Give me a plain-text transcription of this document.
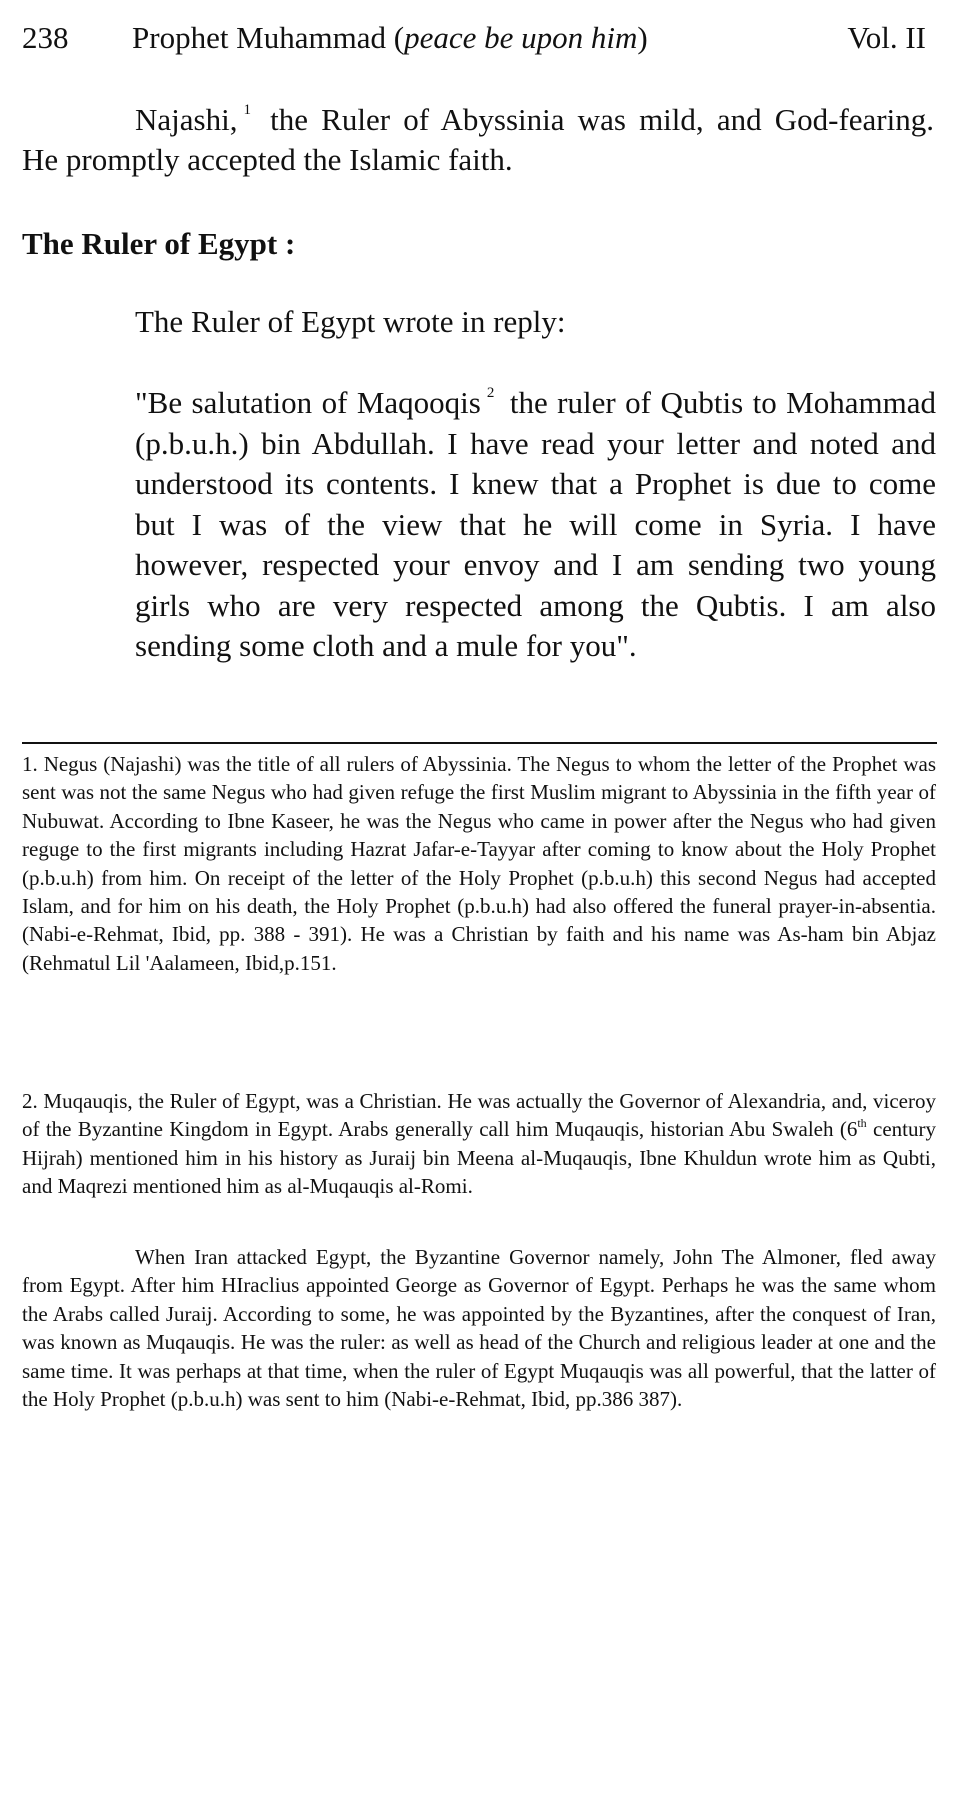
238 Prophet Muhammad (peace be upon him)	Vol. II

Najashi, $^1$ the Ruler of Abyssinia was mild, and God-fearing. He promptly accepted the Islamic faith.

The Ruler of Egypt :
The Ruler of Egypt wrote in reply:

"Be salutation of Maqooqis $^2$ the ruler of Qubtis to Mohammad (p.b.u.h.) bin Abdullah. I have read your letter and noted and understood its contents. I knew that a Prophet is due to come but I was of the view that he will come in Syria. I have however, respected your envoy and I am sending two young girls who are very respected among the Qubtis. I am also sending some cloth and a mule for you".

1. Negus (Najashi) was the title of all rulers of Abyssinia. The Negus to whom the letter of the Prophet was sent was not the same Negus who had given refuge the first Muslim migrant to Abyssinia in the fifth year of Nubuwat. According to Ibne Kaseer, he was the Negus who came in power after the Negus who had given reguge to the first migrants including Hazrat Jafar-e-Tayyar after coming to know about the Holy Prophet (p.b.u.h) from him. On receipt of the letter of the Holy Prophet (p.b.u.h) this second Negus had accepted Islam, and for him on his death, the Holy Prophet (p.b.u.h) had also offered the funeral prayer-in-absentia. (Nabi-e-Rehmat, Ibid, pp. 388 - 391). He was a Christian by faith and his name was As-ham bin Abjaz (Rehmatul Lil 'Aalameen, Ibid,p.151.

2. Muqauqis, the Ruler of Egypt, was a Christian. He was actually the Governor of Alexandria, and, viceroy of the Byzantine Kingdom in Egypt. Arabs generally call him Muqauqis, historian Abu Swaleh (6th century Hijrah) mentioned him in his history as Juraij bin Meena al-Muqauqis, Ibne Khuldun wrote him as Qubti, and Maqrezi mentioned him as al-Muqauqis al-Romi.

When Iran attacked Egypt, the Byzantine Governor namely, John The Almoner, fled away from Egypt. After him HIraclius appointed George as Governor of Egypt. Perhaps he was the same whom the Arabs called Juraij. According to some, he was appointed by the Byzantines, after the conquest of Iran, was known as Muqauqis. He was the ruler: as well as head of the Church and religious leader at one and the same time. It was perhaps at that time, when the ruler of Egypt Muqauqis was all powerful, that the latter of the Holy Prophet (p.b.u.h) was sent to him (Nabi-e-Rehmat, Ibid, pp.386 387).
